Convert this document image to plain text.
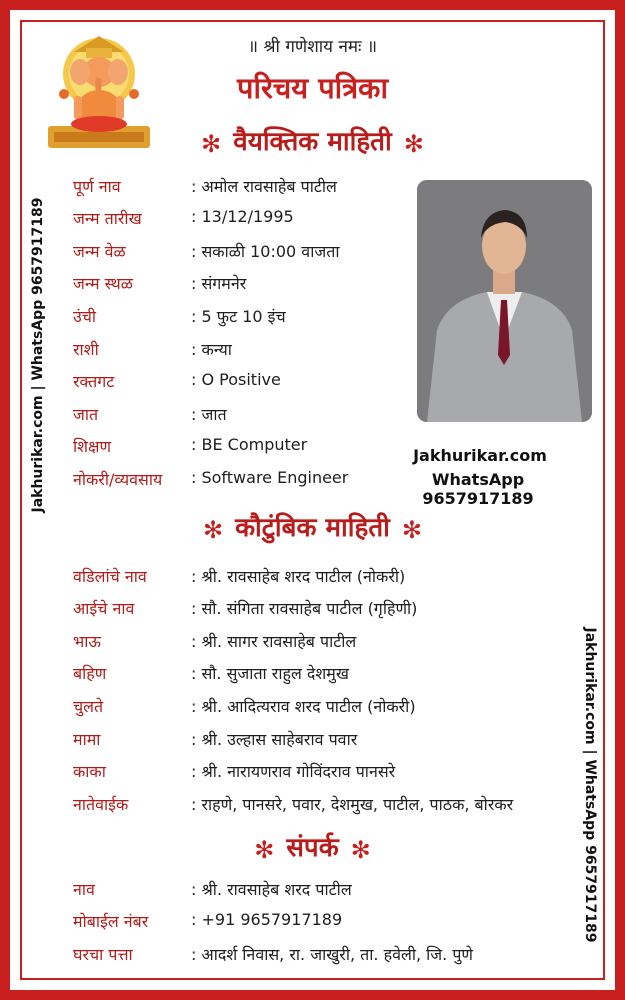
॥ श्री गणेशाय नमः ॥
परिचय पत्रिका
✻ वैयक्तिक माहिती ✻
पूर्ण नाव	: अमोल रावसाहेब पाटील
जन्म तारीख	: 13/12/1995
जन्म वेळ	: सकाळी 10:00 वाजता
जन्म स्थळ	: संगमनेर
उंची	: 5 फुट 10 इंच
राशी	: कन्या
रक्तगट	: O Positive
जात	: जात
शिक्षण	: BE Computer
नोकरी/व्यवसाय	: Software Engineer
Jakhurikar.com
WhatsApp 9657917189
✻ कौटुंबिक माहिती ✻
वडिलांचे नाव	: श्री. रावसाहेब शरद पाटील (नोकरी)
आईचे नाव	: सौ. संगिता रावसाहेब पाटील (गृहिणी)
भाऊ	: श्री. सागर रावसाहेब पाटील
बहिण	: सौ. सुजाता राहुल देशमुख
चुलते	: श्री. आदित्यराव शरद पाटील (नोकरी)
मामा	: श्री. उल्हास साहेबराव पवार
काका	: श्री. नारायणराव गोविंदराव पानसरे
नातेवाईक	: राहणे, पानसरे, पवार, देशमुख, पाटील, पाठक, बोरकर
✻ संपर्क ✻
नाव	: श्री. रावसाहेब शरद पाटील
मोबाईल नंबर	: +91 9657917189
घरचा पत्ता	: आदर्श निवास, रा. जाखुरी, ता. हवेली, जि. पुणे
Jakhurikar.com | WhatsApp 9657917189
Jakhurikar.com | WhatsApp 9657917189
